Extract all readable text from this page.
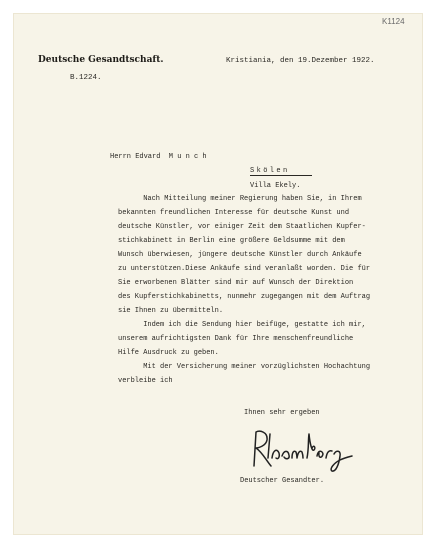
K1124
Deutsche Gesandtschaft.
B.1224.
Kristiania, den 19.Dezember 1922.
Herrn Edvard  M u n c h
Skölen
Villa Ekely.
Nach Mitteilung meiner Regierung haben Sie, in Ihrem
bekannten freundlichen Interesse für deutsche Kunst und
deutsche Künstler, vor einiger Zeit dem Staatlichen Kupfer-
stichkabinett in Berlin eine größere Geldsumme mit dem
Wunsch überwiesen, jüngere deutsche Künstler durch Ankäufe
zu unterstützen.Diese Ankäufe sind veranlaßt worden. Die für
Sie erworbenen Blätter sind mir auf Wunsch der Direktion
des Kupferstichkabinetts, nunmehr zugegangen mit dem Auftrag
sie Ihnen zu übermitteln.
Indem ich die Sendung hier beifüge, gestatte ich mir,
unserem aufrichtigsten Dank für Ihre menschenfreundliche
Hilfe Ausdruck zu geben.
Mit der Versicherung meiner vorzüglichsten Hochachtung
verbleibe ich
Ihnen sehr ergeben
Deutscher Gesandter.
